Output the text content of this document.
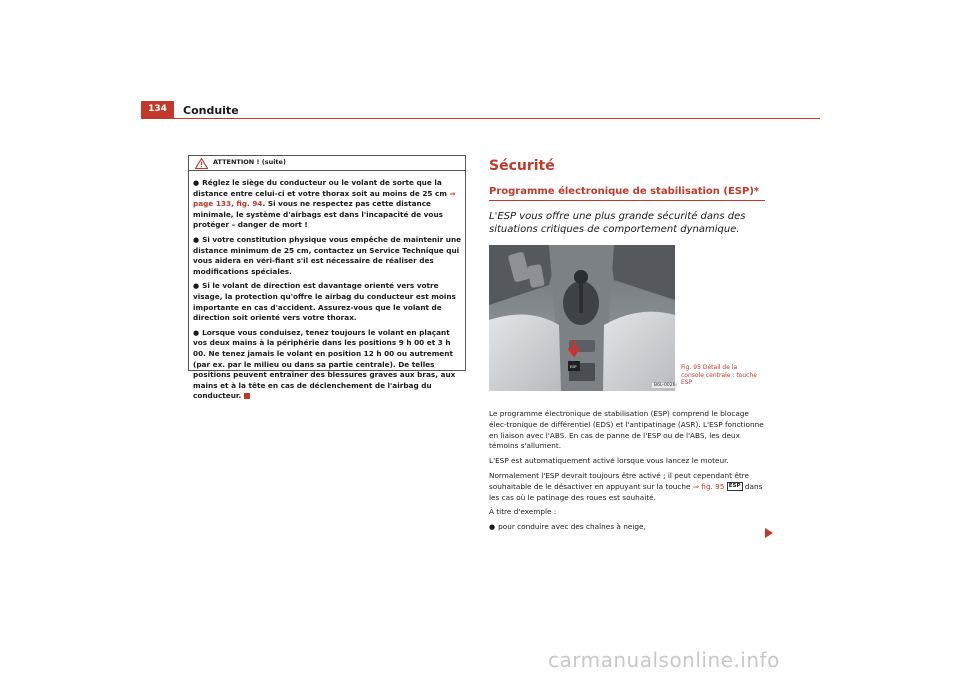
134	Conduite
ATTENTION ! (suite)

● Réglez le siège du conducteur ou le volant de sorte que la distance entre celui-ci et votre thorax soit au moins de 25 cm ⇒ page 133, fig. 94. Si vous ne respectez pas cette distance minimale, le système d'airbags est dans l'incapacité de vous protéger – danger de mort !

● Si votre constitution physique vous empêche de maintenir une distance minimum de 25 cm, contactez un Service Technique qui vous aidera en véri-fiant s'il est nécessaire de réaliser des modifications spéciales.

● Si le volant de direction est davantage orienté vers votre visage, la protection qu'offre le airbag du conducteur est moins importante en cas d'accident. Assurez-vous que le volant de direction soit orienté vers votre thorax.

● Lorsque vous conduisez, tenez toujours le volant en plaçant vos deux mains à la périphérie dans les positions 9 h 00 et 3 h 00. Ne tenez jamais le volant en position 12 h 00 ou autrement (par ex. par le milieu ou dans sa partie centrale). De telles positions peuvent entraîner des blessures graves aux bras, aux mains et à la tête en cas de déclenchement de l'airbag du conducteur.

Sécurité
Programme électronique de stabilisation (ESP)*
L'ESP vous offre une plus grande sécurité dans des situations critiques de comportement dynamique.
ESP
B6L-0026
Fig. 95 Détail de la console centrale : touche ESP

Le programme électronique de stabilisation (ESP) comprend le blocage élec-tronique de différentiel (EDS) et l'antipatinage (ASR). L'ESP fonctionne en liaison avec l'ABS. En cas de panne de l'ESP ou de l'ABS, les deux témoins s'allument.

L'ESP est automatiquement activé lorsque vous lancez le moteur.

Normalement l'ESP devrait toujours être activé ; il peut cependant être souhaitable de le désactiver en appuyant sur la touche ⇒ fig. 95 ESP dans les cas où le patinage des roues est souhaité.

À titre d'exemple :

● pour conduire avec des chaînes à neige,

carmanualsonline.info
